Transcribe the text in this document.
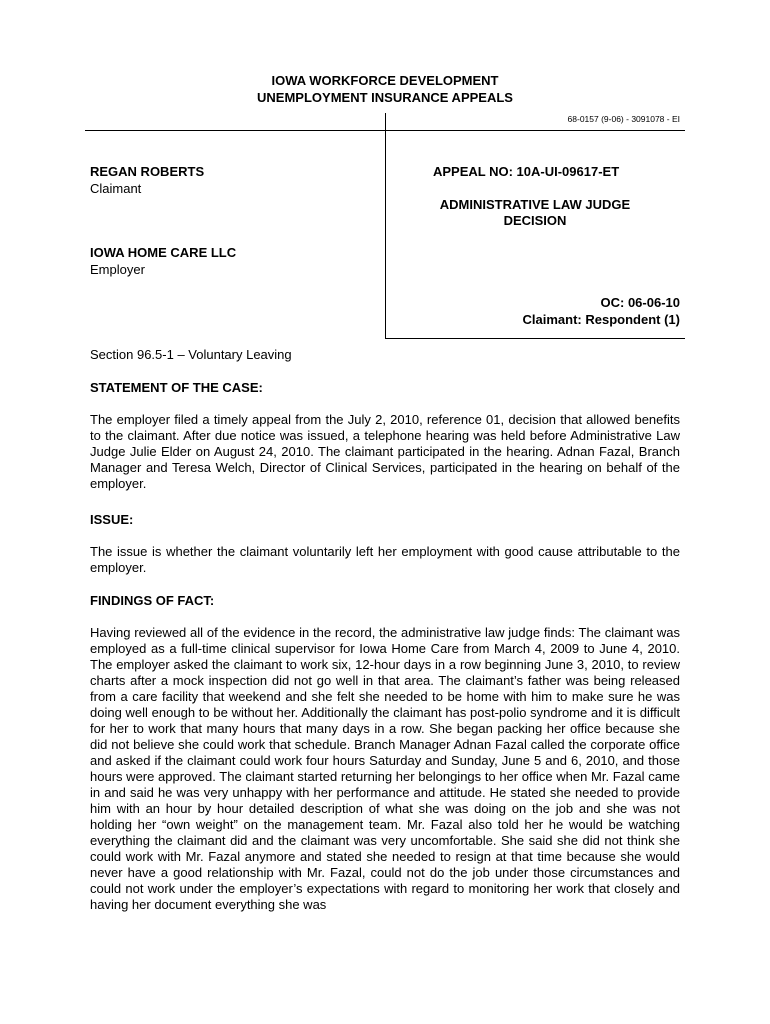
IOWA WORKFORCE DEVELOPMENT
UNEMPLOYMENT INSURANCE APPEALS
68-0157 (9-06) - 3091078 - EI
REGAN ROBERTS
Claimant
IOWA HOME CARE LLC
Employer
APPEAL NO: 10A-UI-09617-ET
ADMINISTRATIVE LAW JUDGE
DECISION
OC: 06-06-10
Claimant: Respondent (1)
Section 96.5-1 – Voluntary Leaving
STATEMENT OF THE CASE:

The employer filed a timely appeal from the July 2, 2010, reference 01, decision that allowed benefits to the claimant. After due notice was issued, a telephone hearing was held before Administrative Law Judge Julie Elder on August 24, 2010. The claimant participated in the hearing. Adnan Fazal, Branch Manager and Teresa Welch, Director of Clinical Services, participated in the hearing on behalf of the employer.

ISSUE:

The issue is whether the claimant voluntarily left her employment with good cause attributable to the employer.

FINDINGS OF FACT:

Having reviewed all of the evidence in the record, the administrative law judge finds: The claimant was employed as a full-time clinical supervisor for Iowa Home Care from March 4, 2009 to June 4, 2010. The employer asked the claimant to work six, 12-hour days in a row beginning June 3, 2010, to review charts after a mock inspection did not go well in that area. The claimant’s father was being released from a care facility that weekend and she felt she needed to be home with him to make sure he was doing well enough to be without her. Additionally the claimant has post-polio syndrome and it is difficult for her to work that many hours that many days in a row. She began packing her office because she did not believe she could work that schedule. Branch Manager Adnan Fazal called the corporate office and asked if the claimant could work four hours Saturday and Sunday, June 5 and 6, 2010, and those hours were approved. The claimant started returning her belongings to her office when Mr. Fazal came in and said he was very unhappy with her performance and attitude. He stated she needed to provide him with an hour by hour detailed description of what she was doing on the job and she was not holding her “own weight” on the management team. Mr. Fazal also told her he would be watching everything the claimant did and the claimant was very uncomfortable. She said she did not think she could work with Mr. Fazal anymore and stated she needed to resign at that time because she would never have a good relationship with Mr. Fazal, could not do the job under those circumstances and could not work under the employer’s expectations with regard to monitoring her work that closely and having her document everything she was
